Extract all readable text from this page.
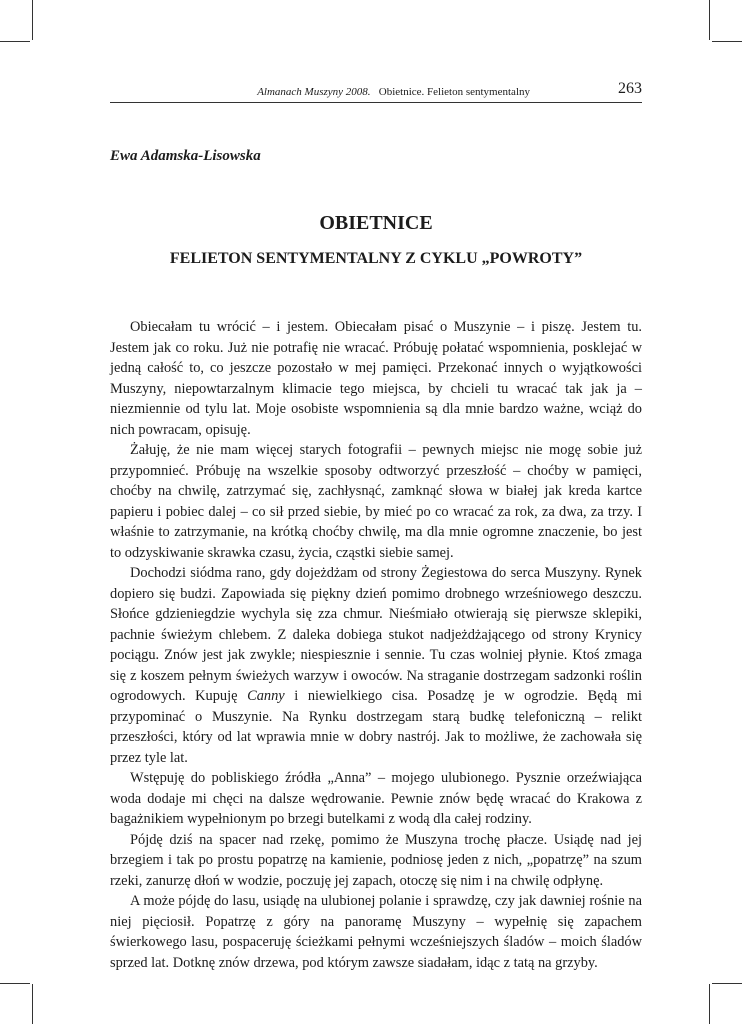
Almanach Muszyny 2008. Obietnice. Felieton sentymentalny	263
Ewa Adamska-Lisowska
OBIETNICE
FELIETON SENTYMENTALNY Z CYKLU „POWROTY”

Obiecałam tu wrócić – i jestem. Obiecałam pisać o Muszynie – i piszę. Jestem tu. Jestem jak co roku. Już nie potrafię nie wracać. Próbuję połatać wspomnienia, posklejać w jedną całość to, co jeszcze pozostało w mej pamięci. Przekonać innych o wyjątkowości Muszyny, niepowtarzalnym klimacie tego miejsca, by chcieli tu wracać tak jak ja – niezmiennie od tylu lat. Moje osobiste wspomnienia są dla mnie bardzo ważne, wciąż do nich powracam, opisuję.

Żałuję, że nie mam więcej starych fotografii – pewnych miejsc nie mogę sobie już przypomnieć. Próbuję na wszelkie sposoby odtworzyć przeszłość – choćby w pamięci, choćby na chwilę, zatrzymać się, zachłysnąć, zamknąć słowa w białej jak kreda kartce papieru i pobiec dalej – co sił przed siebie, by mieć po co wracać za rok, za dwa, za trzy. I właśnie to zatrzymanie, na krótką choćby chwilę, ma dla mnie ogromne znaczenie, bo jest to odzyskiwanie skrawka czasu, życia, cząstki siebie samej.

Dochodzi siódma rano, gdy dojeżdżam od strony Żegiestowa do serca Muszyny. Rynek dopiero się budzi. Zapowiada się piękny dzień pomimo drobnego wrześniowego deszczu. Słońce gdzieniegdzie wychyla się zza chmur. Nieśmiało otwierają się pierwsze sklepiki, pachnie świeżym chlebem. Z daleka dobiega stukot nadjeżdżającego od strony Krynicy pociągu. Znów jest jak zwykle; niespiesznie i sennie. Tu czas wolniej płynie. Ktoś zmaga się z koszem pełnym świeżych warzyw i owoców. Na straganie dostrzegam sadzonki roślin ogrodowych. Kupuję Canny i niewielkiego cisa. Posadzę je w ogrodzie. Będą mi przypominać o Muszynie. Na Rynku dostrzegam starą budkę telefoniczną – relikt przeszłości, który od lat wprawia mnie w dobry nastrój. Jak to możliwe, że zachowała się przez tyle lat.

Wstępuję do pobliskiego źródła „Anna” – mojego ulubionego. Pysznie orzeźwiająca woda dodaje mi chęci na dalsze wędrowanie. Pewnie znów będę wracać do Krakowa z bagażnikiem wypełnionym po brzegi butelkami z wodą dla całej rodziny.

Pójdę dziś na spacer nad rzekę, pomimo że Muszyna trochę płacze. Usiądę nad jej brzegiem i tak po prostu popatrzę na kamienie, podniosę jeden z nich, „popatrzę” na szum rzeki, zanurzę dłoń w wodzie, poczuję jej zapach, otoczę się nim i na chwilę odpłynę.

A może pójdę do lasu, usiądę na ulubionej polanie i sprawdzę, czy jak dawniej rośnie na niej pięciosił. Popatrzę z góry na panoramę Muszyny – wypełnię się zapachem świerkowego lasu, pospaceruję ścieżkami pełnymi wcześniejszych śladów – moich śladów sprzed lat. Dotknę znów drzewa, pod którym zawsze siadałam, idąc z tatą na grzyby.
